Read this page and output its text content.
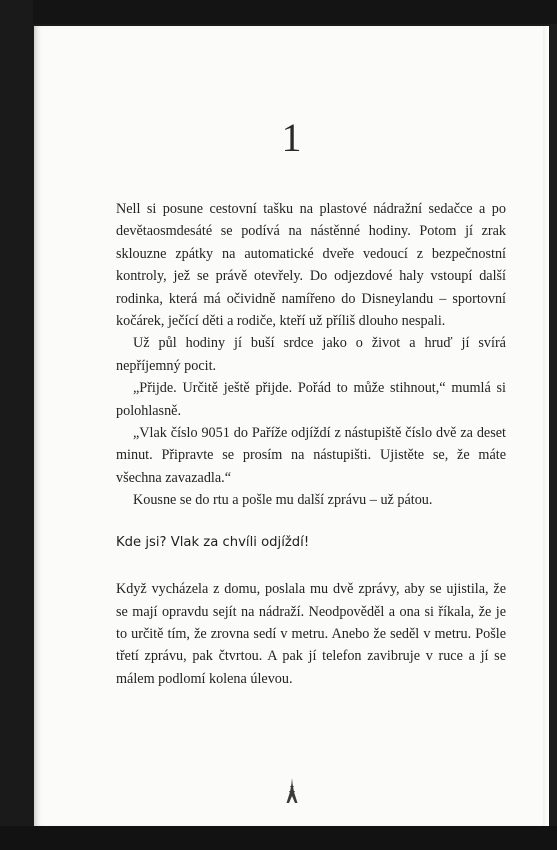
1

Nell si posune cestovní tašku na plastové nádražní sedačce a po devětaosmdesáté se podívá na nástěnné hodiny. Potom jí zrak sklouzne zpátky na automatické dveře vedoucí z bezpečnostní kontroly, jež se právě otevřely. Do odjezdové haly vstoupí další rodinka, která má očividně namířeno do Disneylandu – sportovní kočárek, ječící děti a rodiče, kteří už příliš dlouho nespali.

Už půl hodiny jí buší srdce jako o život a hruď jí svírá nepříjemný pocit.

„Přijde. Určitě ještě přijde. Pořád to může stihnout,“ mumlá si polohlasně.

„Vlak číslo 9051 do Paříže odjíždí z nástupiště číslo dvě za deset minut. Připravte se prosím na nástupišti. Ujistěte se, že máte všechna zavazadla.“

Kousne se do rtu a pošle mu další zprávu – už pátou.

Kde jsi? Vlak za chvíli odjíždí!

Když vycházela z domu, poslala mu dvě zprávy, aby se ujistila, že se mají opravdu sejít na nádraží. Neodpověděl a ona si říkala, že je to určitě tím, že zrovna sedí v metru. Anebo že seděl v metru. Pošle třetí zprávu, pak čtvrtou. A pak jí telefon zavibruje v ruce a jí se málem podlomí kolena úlevou.
